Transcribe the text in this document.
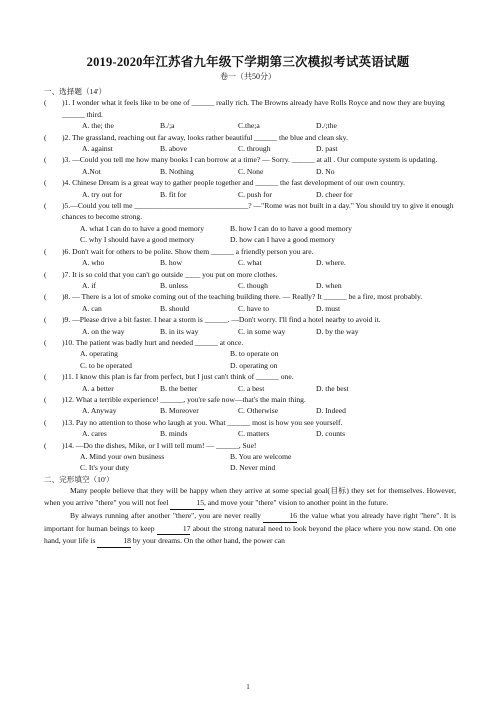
2019-2020年江苏省九年级下学期第三次模拟考试英语试题
卷一（共50分）
一、选择题（14'）
( )1. I wonder what it feels like to be one of ______ really rich. The Browns already have Rolls Royce and now they are buying ______ third.
A. the; the	B./;a	C.the;a	D./;the
( )2. The grassland, reaching out far away, looks rather beautiful ______ the blue and clean sky.
A. against	B. above	C. through	D. past
( )3. —Could you tell me how many books I can borrow at a time? — Sorry. ______ at all . Our compute system is updating.
A.Not	B. Nothing	C. None	D. No
( )4. Chinese Dream is a great way to gather people together and ______ the fast development of our own country.
A. try out for	B. fit for	C. push for	D. cheer for
( )5.—Could you tell me ______________________________? —"Rome was not built in a day." You should try to give it enough chances to become strong.
A. what I can do to have a good memory	B. how I can do to have a good memory
C. why I should have a good memory	D. how can I have a good memory
( )6. Don't wait for others to be polite. Show them ______ a friendly person you are.
A. who	B. how	C. what	D. where.
( )7. It is so cold that you can't go outside ____ you put on more clothes.
A. if	B. unless	C. though	D. when
( )8. — There is a lot of smoke coming out of the teaching building there. — Really? It ______ be a fire, most probably.
A. can	B. should	C. have to	D. must
( )9. —Please drive a bit faster. I hear a storm is ______. —Don't worry. I'll find a hotel nearby to avoid it.
A. on the way	B. in its way	C. in some way	D. by the way
( )10. The patient was badly hurt and needed ______ at once.
A. operating	B. to operate on
C. to be operated	D. operating on
( )11. I know this plan is far from perfect, but I just can't think of ______ one.
A. a better	B. the better	C. a best	D. the best
( )12. What a terrible experience! ______, you're safe now—that's the main thing.
A. Anyway	B. Moreover	C. Otherwise	D. Indeed
( )13. Pay no attention to those who laugh at you. What ______ most is how you see yourself.
A. cares	B. minds	C. matters	D. counts
( )14. —Do the dishes, Mike, or I will tell mum! — ______, Sue!
A. Mind your own business	B. You are welcome
C. It's your duty	D. Never mind
二、完形填空（10'）
Many people believe that they will be happy when they arrive at some special goal(目标) they set for themselves. However, when you arrive "there" you will not feel	15, and move your "there" vision to another point in the future.
By always running after another "there", you are never really	16 the value what you already have right "here". It is important for human beings to keep	17 about the strong natural need to look beyond the place where you now stand. On one hand, your life is	18 by your dreams. On the other hand, the power can
1
